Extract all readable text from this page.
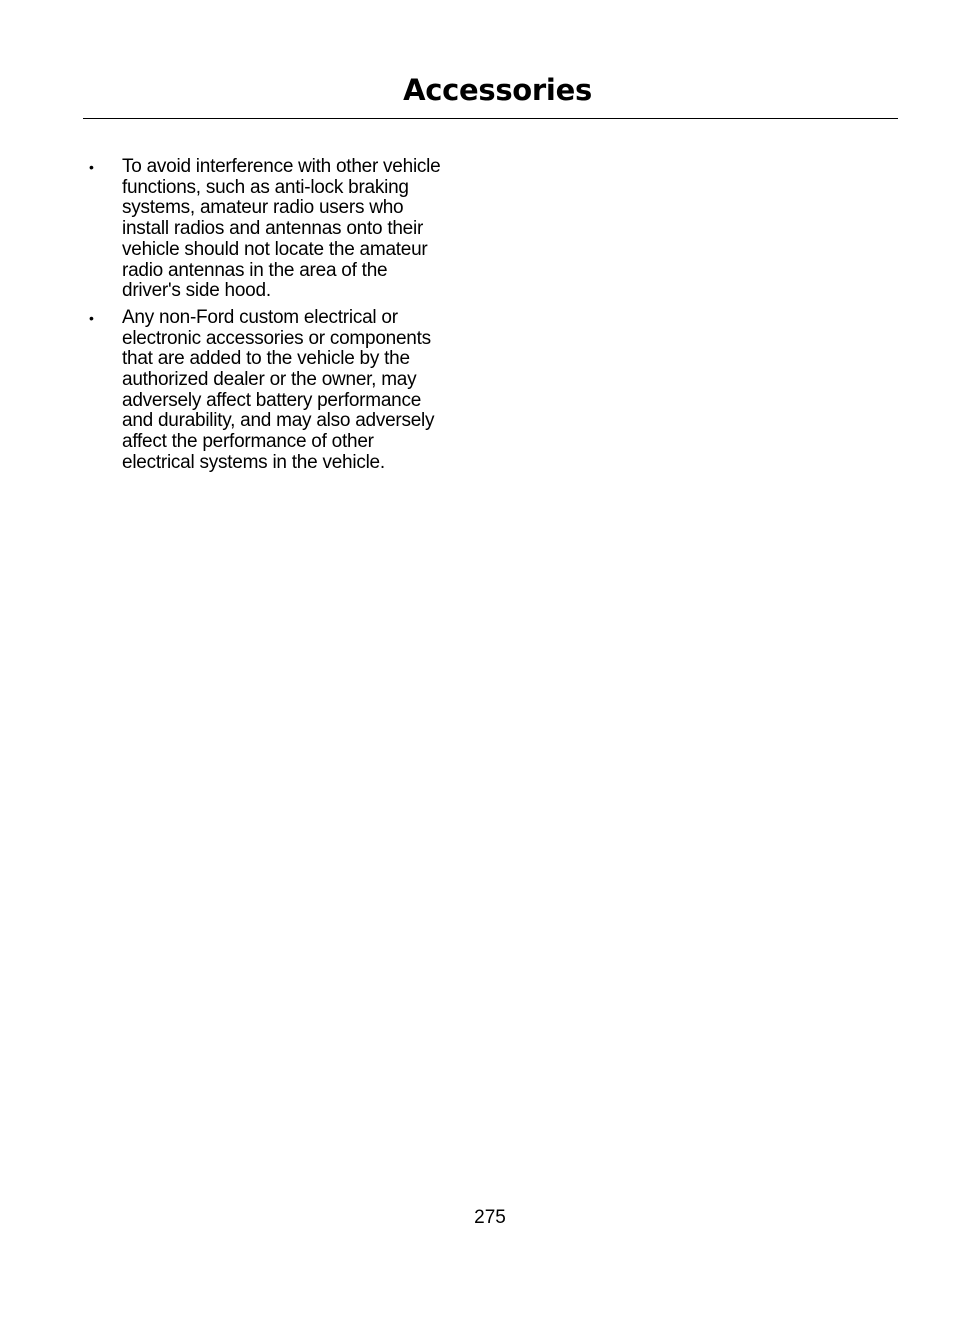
Accessories
• To avoid interference with other vehicle
functions, such as anti-lock braking
systems, amateur radio users who
install radios and antennas onto their
vehicle should not locate the amateur
radio antennas in the area of the
driver's side hood.
• Any non-Ford custom electrical or
electronic accessories or components
that are added to the vehicle by the
authorized dealer or the owner, may
adversely affect battery performance
and durability, and may also adversely
affect the performance of other
electrical systems in the vehicle.
275
